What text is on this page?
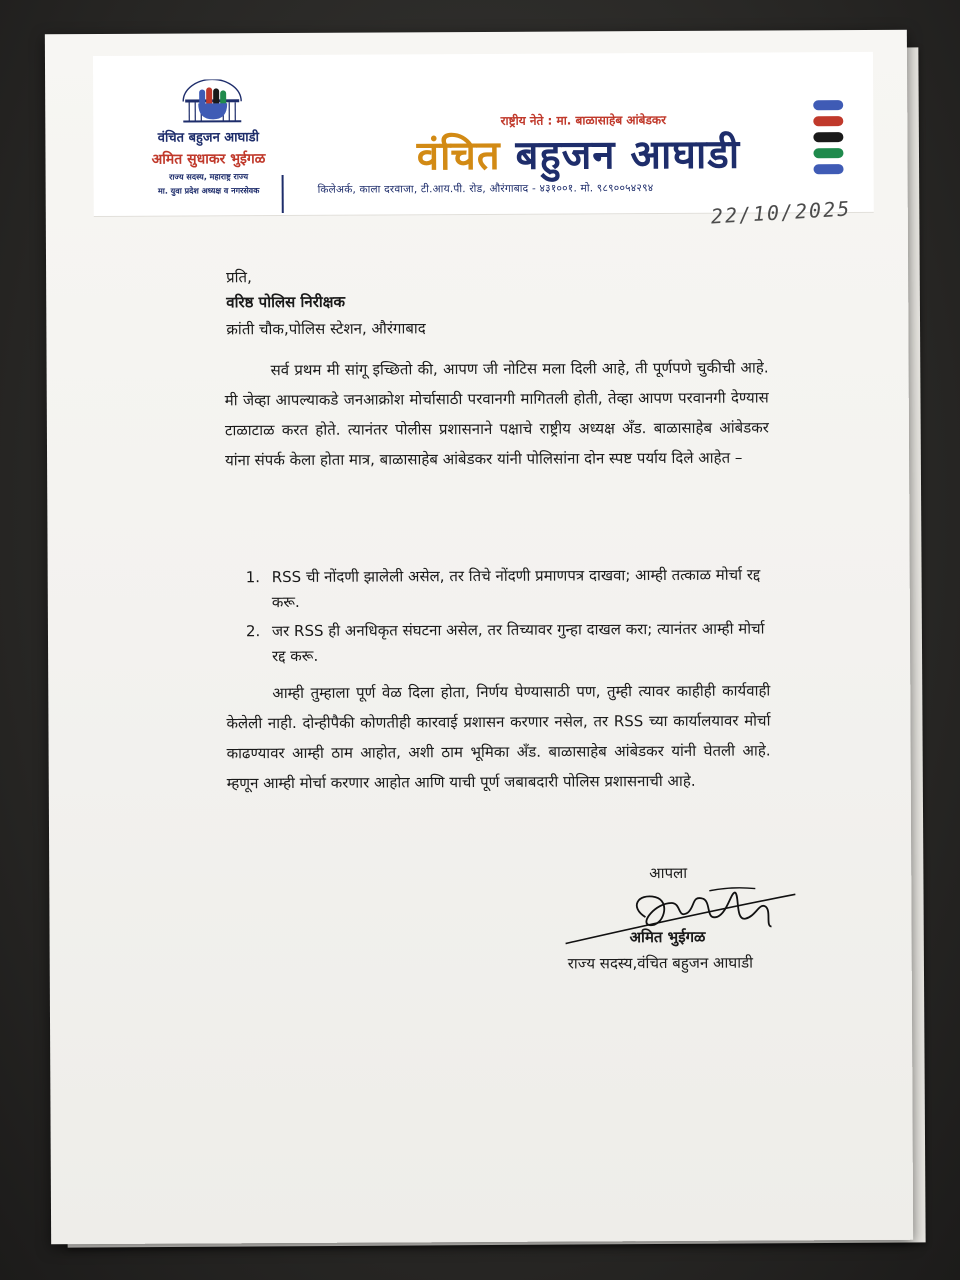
वंचित बहुजन आघाडी
अमित सुधाकर भुईगळ
राज्य सदस्य, महाराष्ट्र राज्य
मा. युवा प्रदेश अध्यक्ष व नगरसेवक
राष्ट्रीय नेते : मा. बाळासाहेब आंबेडकर
वंचित बहुजन आघाडी
किलेअर्क, काला दरवाजा, टी.आय.पी. रोड, औरंगाबाद - ४३१००१. मो. ९८९००५४२९४
22/10/2025
प्रति,
वरिष्ठ पोलिस निरीक्षक
क्रांती चौक,पोलिस स्टेशन, औरंगाबाद
सर्व प्रथम मी सांगू इच्छितो की, आपण जी नोटिस मला दिली आहे, ती पूर्णपणे चुकीची आहे. मी जेव्हा आपल्याकडे जनआक्रोश मोर्चासाठी परवानगी मागितली होती, तेव्हा आपण परवानगी देण्यास टाळाटाळ करत होते. त्यानंतर पोलीस प्रशासनाने पक्षाचे राष्ट्रीय अध्यक्ष अँड. बाळासाहेब आंबेडकर यांना संपर्क केला होता मात्र, बाळासाहेब आंबेडकर यांनी पोलिसांना दोन स्पष्ट पर्याय दिले आहेत –
1. RSS ची नोंदणी झालेली असेल, तर तिचे नोंदणी प्रमाणपत्र दाखवा; आम्ही तत्काळ मोर्चा रद्द करू.
2. जर RSS ही अनधिकृत संघटना असेल, तर तिच्यावर गुन्हा दाखल करा; त्यानंतर आम्ही मोर्चा रद्द करू.
आम्ही तुम्हाला पूर्ण वेळ दिला होता, निर्णय घेण्यासाठी पण, तुम्ही त्यावर काहीही कार्यवाही केलेली नाही. दोन्हीपैकी कोणतीही कारवाई प्रशासन करणार नसेल, तर RSS च्या कार्यालयावर मोर्चा काढण्यावर आम्ही ठाम आहोत, अशी ठाम भूमिका अँड. बाळासाहेब आंबेडकर यांनी घेतली आहे. म्हणून आम्ही मोर्चा करणार आहोत आणि याची पूर्ण जबाबदारी पोलिस प्रशासनाची आहे.
आपला
अमित भुईगळ
राज्य सदस्य,वंचित बहुजन आघाडी
